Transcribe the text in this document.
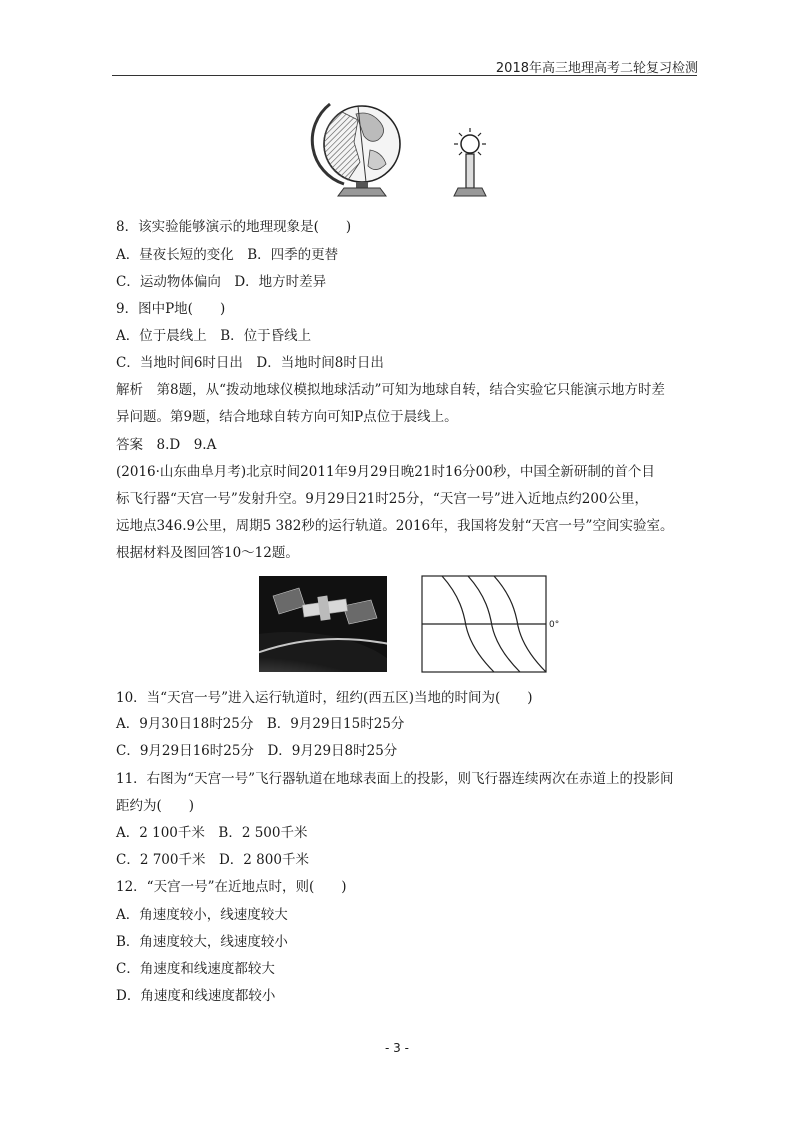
2018年高三地理高考二轮复习检测
8．该实验能够演示的地理现象是(　　)
A．昼夜长短的变化　B．四季的更替
C．运动物体偏向　D．地方时差异
9．图中P地(　　)
A．位于晨线上　B．位于昏线上
C．当地时间6时日出　D．当地时间8时日出
解析　第8题，从“拨动地球仪模拟地球活动”可知为地球自转，结合实验它只能演示地方时差
异问题。第9题，结合地球自转方向可知P点位于晨线上。
答案　8.D　9.A
(2016·山东曲阜月考)北京时间2011年9月29日晚21时16分00秒，中国全新研制的首个目
标飞行器“天宫一号”发射升空。9月29日21时25分，“天宫一号”进入近地点约200公里，
远地点346.9公里，周期5 382秒的运行轨道。2016年，我国将发射“天宫一号”空间实验室。
根据材料及图回答10～12题。
0°
10．当“天宫一号”进入运行轨道时，纽约(西五区)当地的时间为(　　)
A．9月30日18时25分　B．9月29日15时25分
C．9月29日16时25分　D．9月29日8时25分
11．右图为“天宫一号”飞行器轨道在地球表面上的投影，则飞行器连续两次在赤道上的投影间
距约为(　　)
A．2 100千米　B．2 500千米
C．2 700千米　D．2 800千米
12．“天宫一号”在近地点时，则(　　)
A．角速度较小，线速度较大
B．角速度较大，线速度较小
C．角速度和线速度都较大
D．角速度和线速度都较小
- 3 -
